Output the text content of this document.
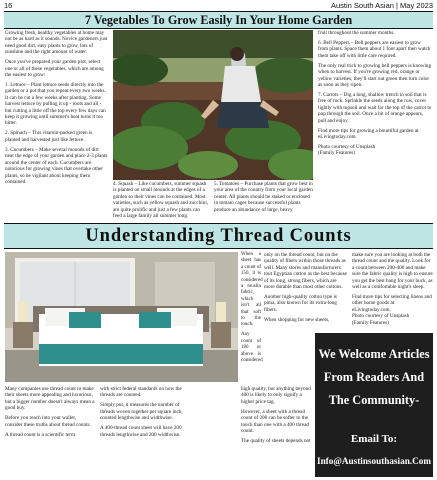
16	Austin South Asian | May 2023
7 Vegetables To Grow Easily In Your Home Garden

Growing fresh, healthy vegetables at home may not be as hard as it sounds. Novice gardeners just need good dirt, easy plants to grow, lots of sunshine and the right amount of water.

Once you've prepared your garden plot, select one or all of these vegetables, which are among the easiest to grow:

1. Lettuce – Plant lettuce seeds directly into the garden or a pot that you repeat every two weeks. It can be cut a few weeks after planting. Some harvest lettuce by pulling it up - roots and all - but cutting a little off the top every few days can keep it growing until summer's heat turns it too bitter.

2. Spinach – This vitamin-packed green is planted and harvested just like lettuce.

3. Cucumbers – Make several mounds of dirt near the edge of your garden and place 2-3 plants around the center of each. Cucumbers are notorious for growing vines that overtake other plants, so be vigilant about keeping them contained.	4. Squash – Like cucumbers, summer squash is planted on small mounds at the edges of a garden so their vines can be contained. Most varieties, such as yellow squash and zucchini, are quite prolific and just a few plants can feed a large family all summer long.

5. Tomatoes – Purchase plants that grow best in your area of the country from your local garden center. All plants should be staked or enclosed in tomato cages because successful plants produce an abundance of large, heavy

fruit throughout the summer months.

6. Bell Peppers – Bell peppers are easiest to grow from plants. Space them about 1 foot apart then watch them take off with little care required.

The only real trick to growing bell peppers is knowing when to harvest. If you're growing red, orange or yellow varieties, they'll start out green then turn color as soon as they ripen.

7. Carrots – Dig a long, shallow trench in soil that is free of rock. Sprinkle the seeds along the row, cover lightly with topsoil and wait for the top of the carrot to pop through the soil. Once a bit of orange appears, pull and enjoy.

Find more tips for growing a bountiful garden at eLivingtoday.com.

Photo courtesy of Unsplash
(Family Features)

Understanding Thread Counts

When a sheet has a count of 150, it is considered a muslin fabric, which isn't all that soft to the touch.

Any count of 180 or above is considered

only on the thread count, but on the quality of fibers within those threads as well. Many stores and manufacturers tout Egyptian cotton as the best because of its long, strong fibers, which are more durable than most other cottons.

Another high-quality cotton type is pima, also known for its extra-long fibers.

When shopping for new sheets,

make sure you are looking at both the thread count and the quality. Look for a count between 200-400 and make sure the fabric quality is high to ensure you get the best bang for your buck, as well as a comfortable night's sleep.

Find more tips for selecting linens and other home goods at eLivingtoday.com.
Photo courtesy of Unsplash
(Family Features)

Many companies use thread count to make their sheets more appealing and luxurious, but a bigger number doesn't always mean a good buy.

Before you reach into your wallet, consider these truths about thread counts.

A thread count is a scientific term

with strict federal standards on how the threads are counted.

Simply put, it measures the number of threads woven together per square inch, counted lengthwise and widthwise.

A 400-thread count sheet will have 200 threads lengthwise and 200 widthwise.

high quality, but anything beyond 400 is likely to only signify a higher price tag.

However, a sheet with a thread count of 200 can be softer to the touch than one with a 400 thread count.

The quality of sheets depends not

We Welcome Articles
From Readers And
The Community-
Email To:
Info@Austinsouthasian.Com
